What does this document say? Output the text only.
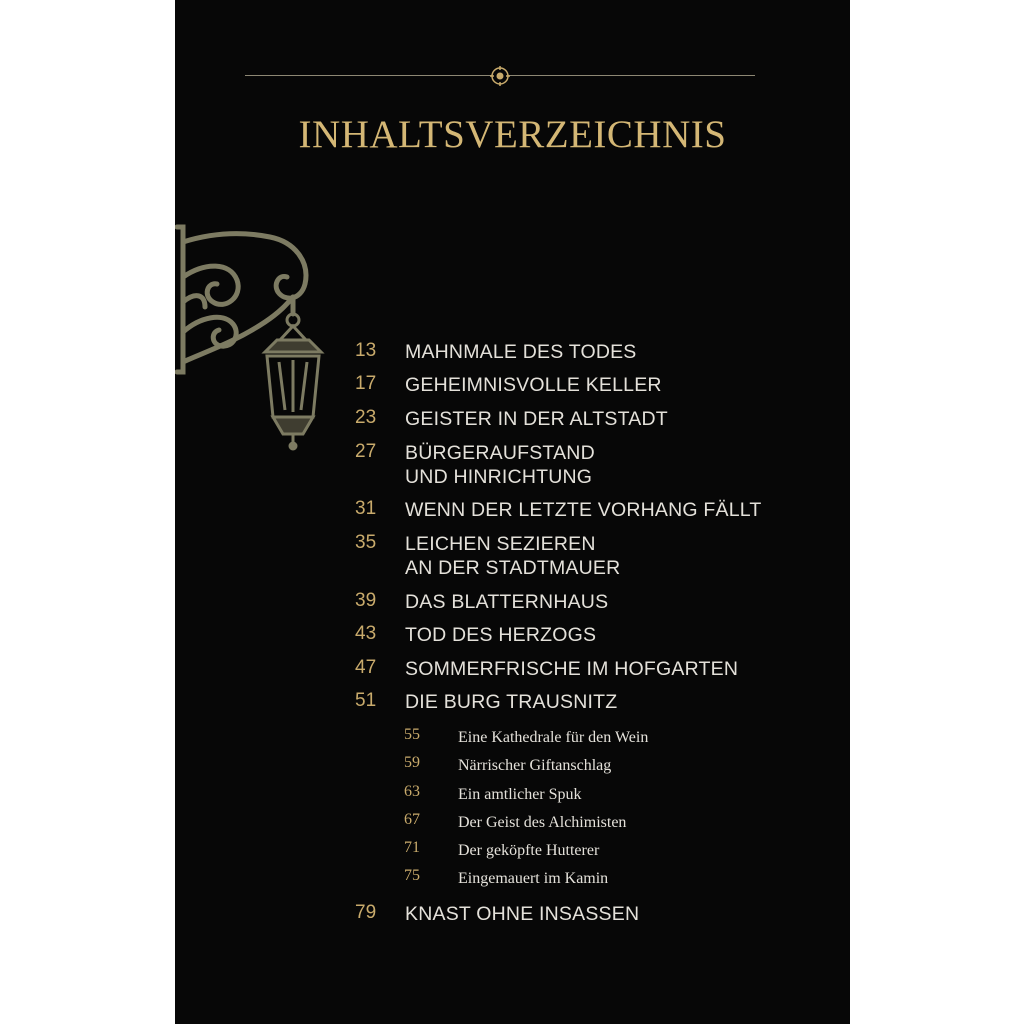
INHALTSVERZEICHNIS
13 MAHNMALE DES TODES
17 GEHEIMNISVOLLE KELLER
23 GEISTER IN DER ALTSTADT
27 BÜRGERAUFSTAND
UND HINRICHTUNG
31 WENN DER LETZTE VORHANG FÄLLT
35 LEICHEN SEZIEREN
AN DER STADTMAUER
39 DAS BLATTERNHAUS
43 TOD DES HERZOGS
47 SOMMERFRISCHE IM HOFGARTEN
51 DIE BURG TRAUSNITZ
55 Eine Kathedrale für den Wein
59 Närrischer Giftanschlag
63 Ein amtlicher Spuk
67 Der Geist des Alchimisten
71 Der geköpfte Hutterer
75 Eingemauert im Kamin
79 KNAST OHNE INSASSEN
